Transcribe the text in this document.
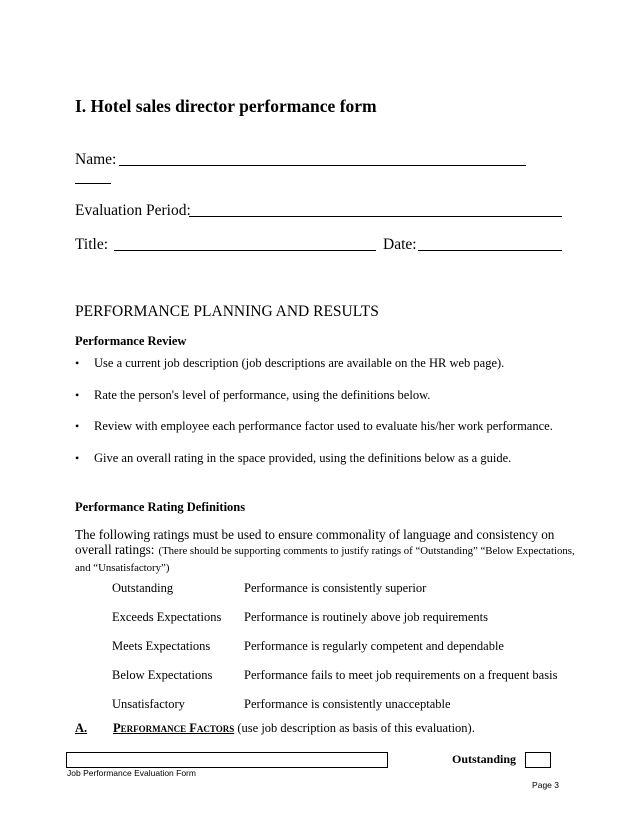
I. Hotel sales director performance form
Name:
Evaluation Period:
Title:	Date:
PERFORMANCE PLANNING AND RESULTS
Performance Review
• Use a current job description (job descriptions are available on the HR web page).
• Rate the person's level of performance, using the definitions below.
• Review with employee each performance factor used to evaluate his/her work performance.
• Give an overall rating in the space provided, using the definitions below as a guide.
Performance Rating Definitions
The following ratings must be used to ensure commonality of language and consistency on overall ratings: (There should be supporting comments to justify ratings of “Outstanding” “Below Expectations, and “Unsatisfactory”)
Outstanding	Performance is consistently superior
Exceeds Expectations Performance is routinely above job requirements
Meets Expectations	Performance is regularly competent and dependable
Below Expectations	Performance fails to meet job requirements on a frequent basis
Unsatisfactory	Performance is consistently unacceptable
A. Performance Factors (use job description as basis of this evaluation).
Outstanding
Job Performance Evaluation Form
Page 3
